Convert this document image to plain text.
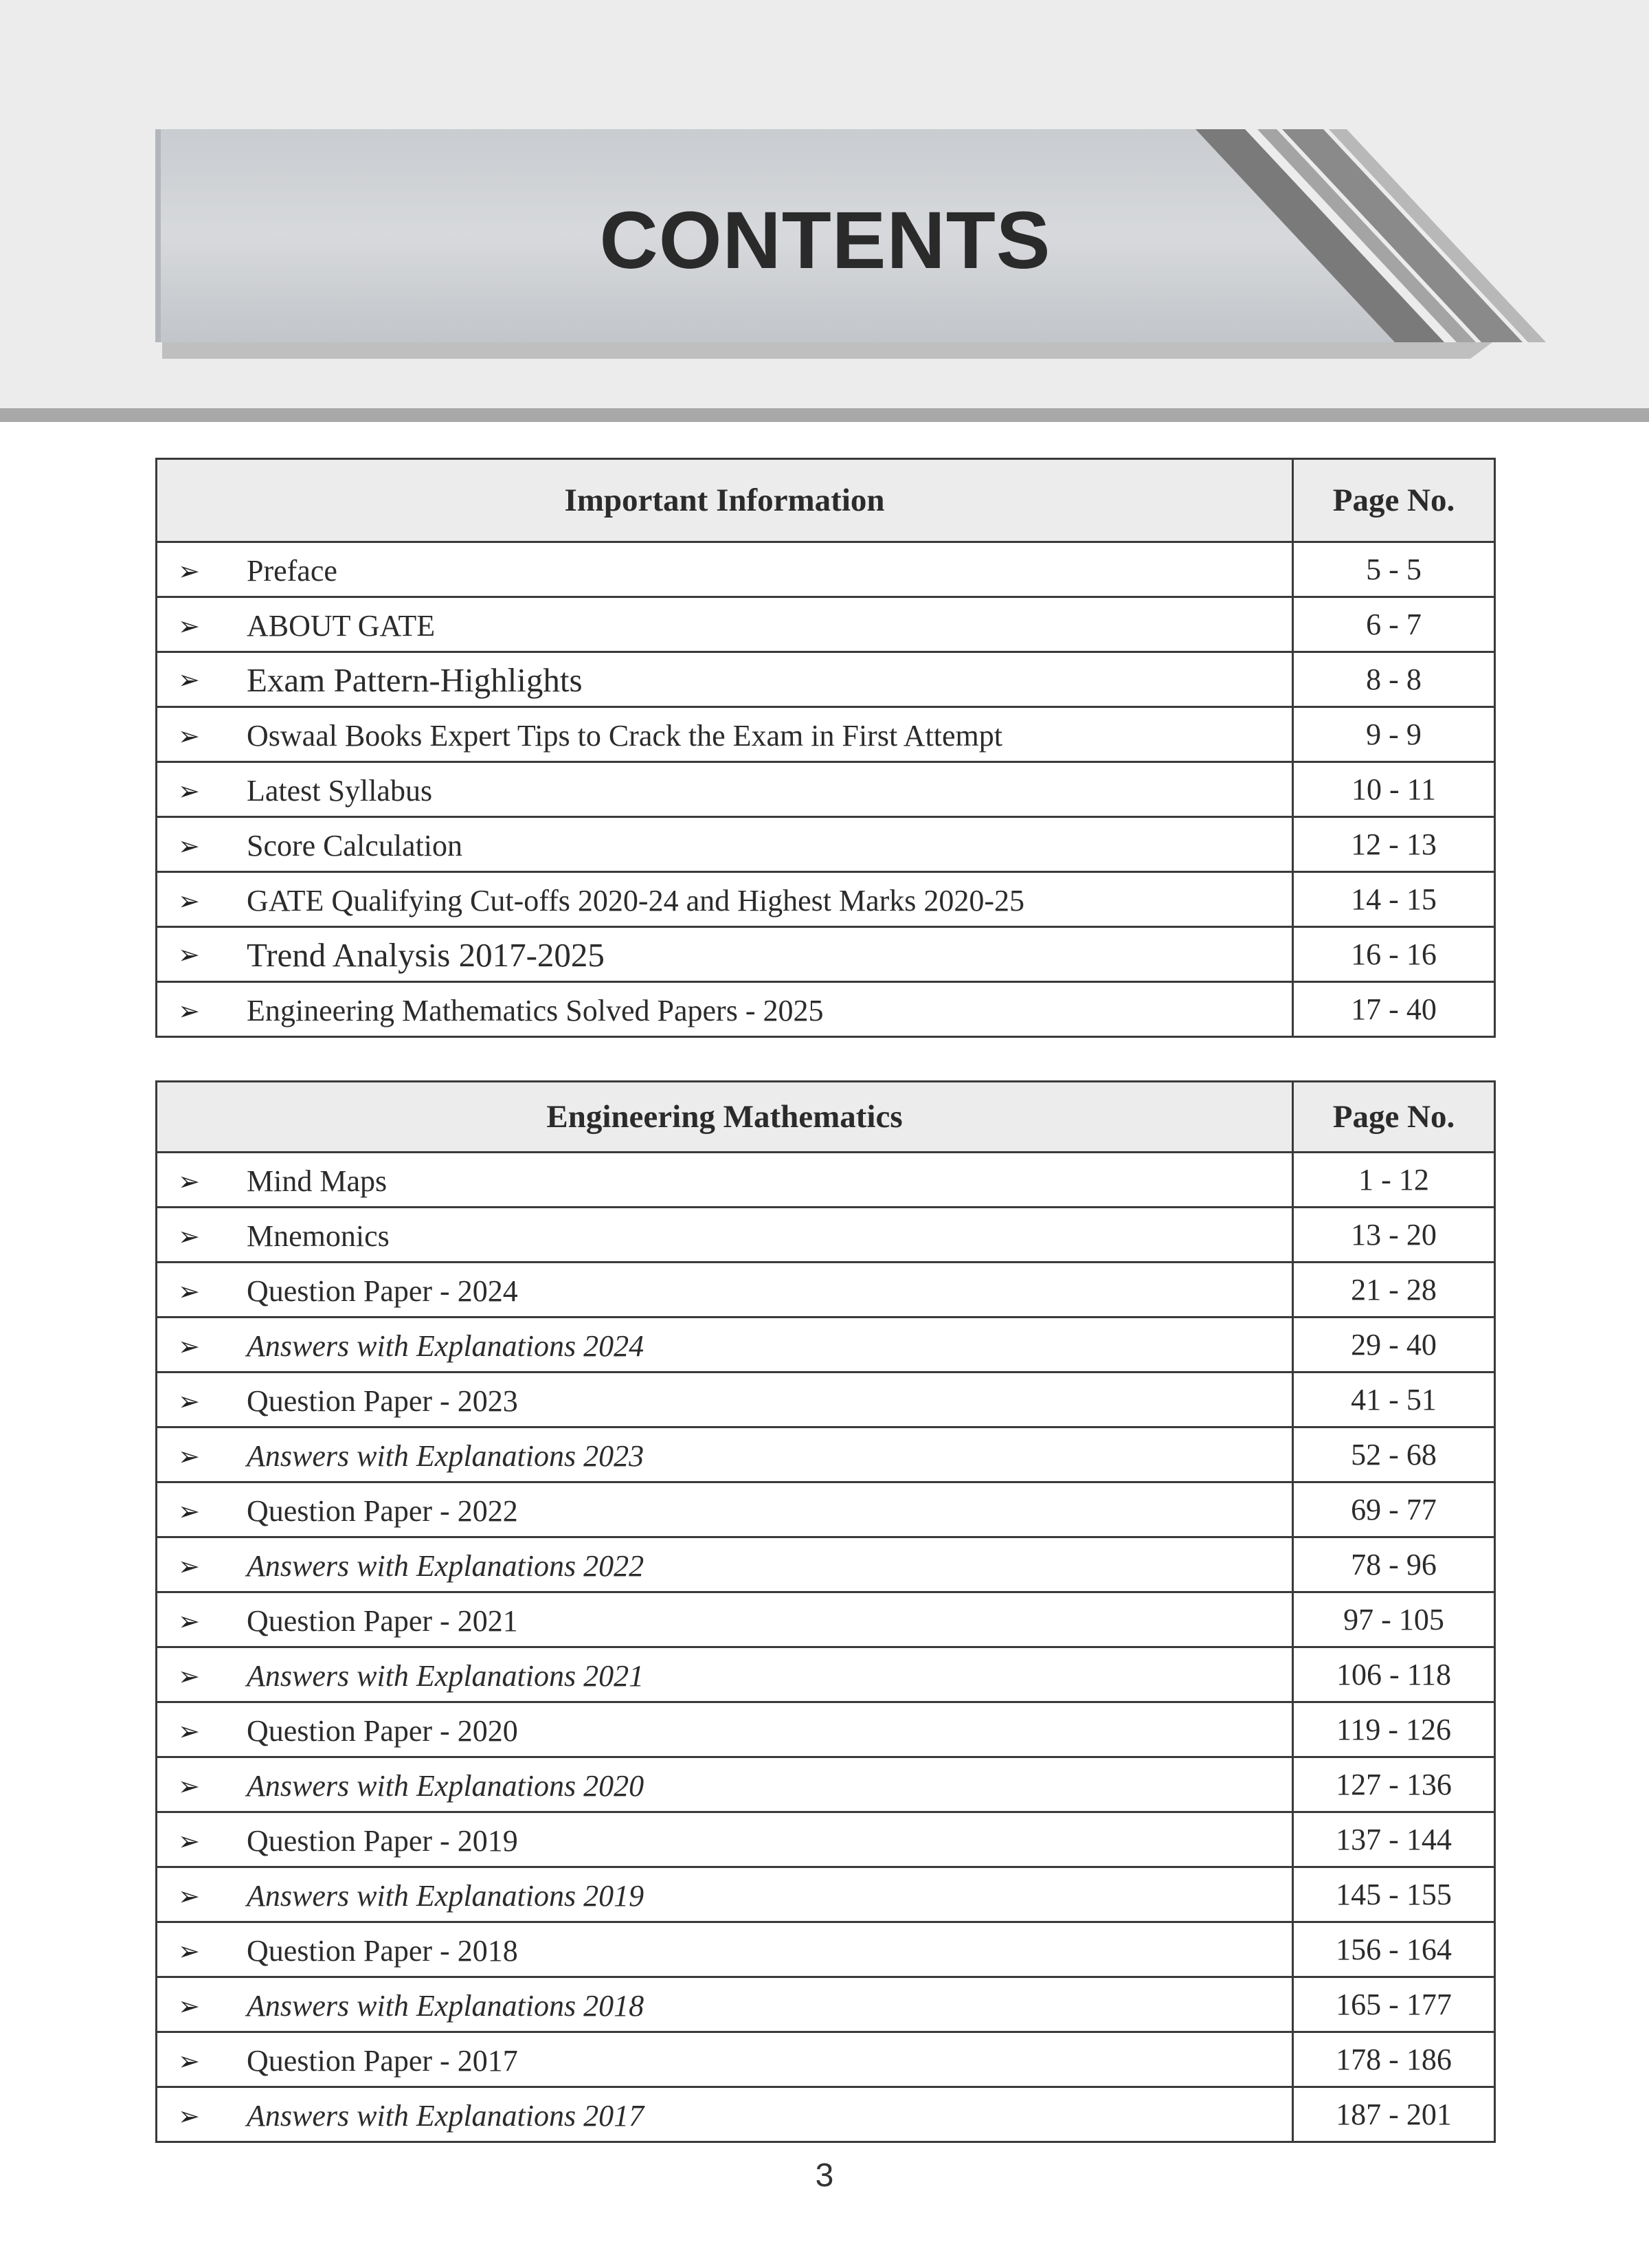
CONTENTS
Important Information	Page No.
➢ Preface	5 - 5
➢ ABOUT GATE	6 - 7
➢ Exam Pattern-Highlights	8 - 8
➢ Oswaal Books Expert Tips to Crack the Exam in First Attempt	9 - 9
➢ Latest Syllabus	10 - 11
➢ Score Calculation	12 - 13
➢ GATE Qualifying Cut-offs 2020-24 and Highest Marks 2020-25	14 - 15
➢ Trend Analysis 2017-2025	16 - 16
➢ Engineering Mathematics Solved Papers - 2025	17 - 40
Engineering Mathematics	Page No.
➢ Mind Maps	1 - 12
➢ Mnemonics	13 - 20
➢ Question Paper - 2024	21 - 28
➢ Answers with Explanations 2024	29 - 40
➢ Question Paper - 2023	41 - 51
➢ Answers with Explanations 2023	52 - 68
➢ Question Paper - 2022	69 - 77
➢ Answers with Explanations 2022	78 - 96
➢ Question Paper - 2021	97 - 105
➢ Answers with Explanations 2021	106 - 118
➢ Question Paper - 2020	119 - 126
➢ Answers with Explanations 2020	127 - 136
➢ Question Paper - 2019	137 - 144
➢ Answers with Explanations 2019	145 - 155
➢ Question Paper - 2018	156 - 164
➢ Answers with Explanations 2018	165 - 177
➢ Question Paper - 2017	178 - 186
➢ Answers with Explanations 2017	187 - 201
3
